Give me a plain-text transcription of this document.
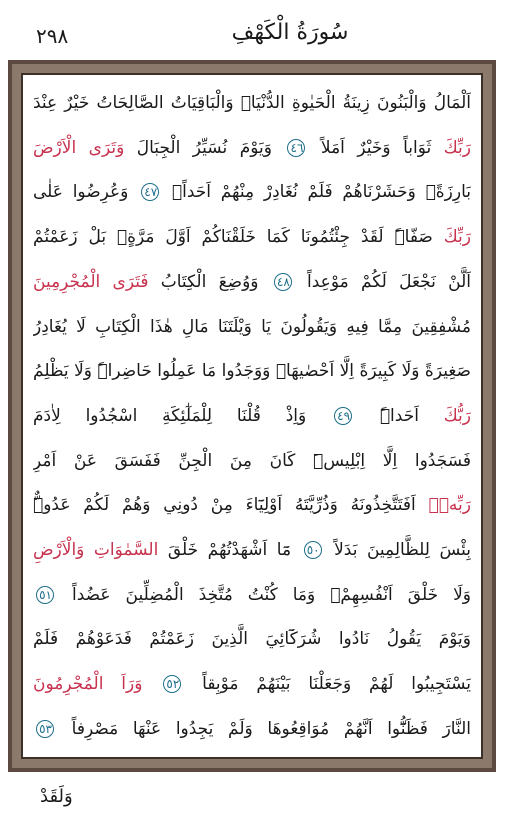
٢٩٨	سُورَةُ الْكَهْفِ
اَلْمَالُ وَالْبَنُونَ زِينَةُ الْحَيٰوةِ الدُّنْيَاۚ وَالْبَاقِيَاتُ الصَّالِحَاتُ خَيْرٌ عِنْدَ
رَبِّكَ ثَوَاباً وَخَيْرٌ اَمَلاً ٤٦ وَيَوْمَ نُسَيِّرُ الْجِبَالَ وَتَرَى الْاَرْضَ
بَارِزَةًۙ وَحَشَرْنَاهُمْ فَلَمْ نُغَادِرْ مِنْهُمْ اَحَداًۚ ٤٧ وَعُرِضُوا عَلٰى
رَبِّكَ صَفّاًۜ لَقَدْ جِئْتُمُونَا كَمَا خَلَقْنَاكُمْ اَوَّلَ مَرَّةٍۘ بَلْ زَعَمْتُمْ
اَلَّنْ نَجْعَلَ لَكُمْ مَوْعِداً ٤٨ وَوُضِعَ الْكِتَابُ فَتَرَى الْمُجْرِمِينَ
مُشْفِقِينَ مِمَّا فِيهِ وَيَقُولُونَ يَا وَيْلَتَنَا مَالِ هٰذَا الْكِتَابِ لَا يُغَادِرُ
صَغِيرَةً وَلَا كَبِيرَةً اِلَّا اَحْصٰيهَاۚ وَوَجَدُوا مَا عَمِلُوا حَاضِراًۜ وَلَا يَظْلِمُ
رَبُّكَ اَحَداًۜ ٤٩ وَاِذْ قُلْنَا لِلْمَلٰٓئِكَةِ اسْجُدُوا لِاٰدَمَ
فَسَجَدُوا اِلَّا اِبْلِيسَۜ كَانَ مِنَ الْجِنِّ فَفَسَقَ عَنْ اَمْرِ
رَبِّهٖۜ اَفَتَتَّخِذُونَهُ وَذُرِّيَّتَهُ اَوْلِيَٓاءَ مِنْ دُونِي وَهُمْ لَكُمْ عَدُوٌّۜ
بِئْسَ لِلظَّالِمِينَ بَدَلاً ٥٠ مَٓا اَشْهَدْتُهُمْ خَلْقَ السَّمٰوَاتِ وَالْاَرْضِ
وَلَا خَلْقَ اَنْفُسِهِمْۖ وَمَا كُنْتُ مُتَّخِذَ الْمُضِلِّينَ عَضُداً ٥١
وَيَوْمَ يَقُولُ نَادُوا شُرَكَٓائِيَ الَّذِينَ زَعَمْتُمْ فَدَعَوْهُمْ فَلَمْ
يَسْتَجِيبُوا لَهُمْ وَجَعَلْنَا بَيْنَهُمْ مَوْبِقاً ٥٢ وَرَاَ الْمُجْرِمُونَ
النَّارَ فَظَنُّٓوا اَنَّهُمْ مُوَاقِعُوهَا وَلَمْ يَجِدُوا عَنْهَا مَصْرِفاً ٥٣
وَلَقَدْ
